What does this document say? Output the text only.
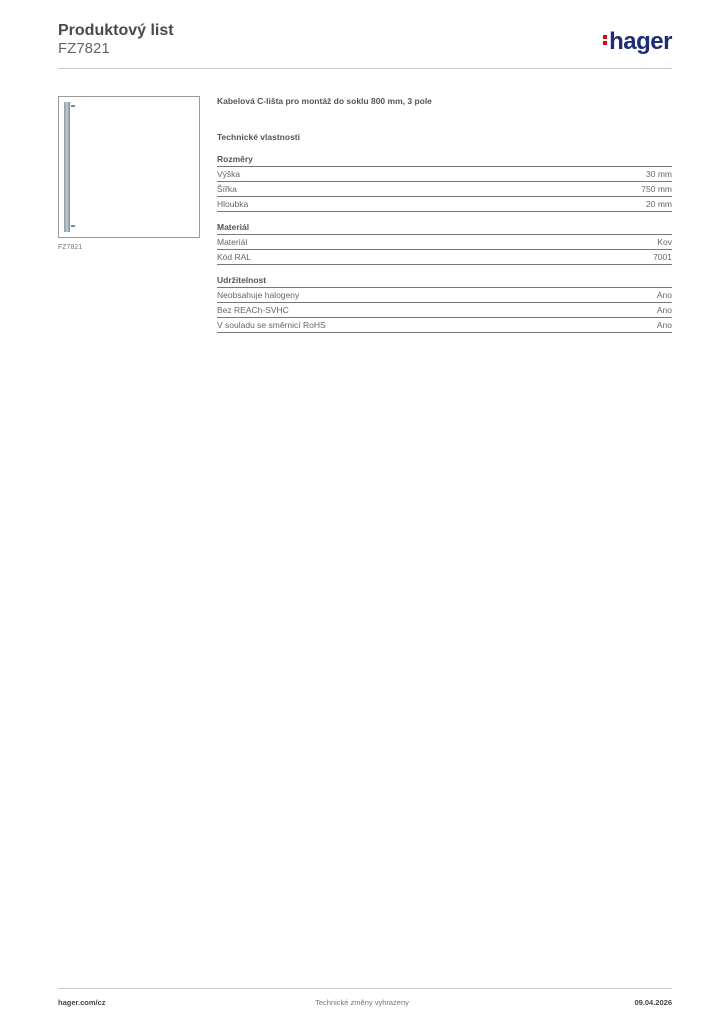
Produktový list
FZ7821	hager
FZ7821
Kabelová C-lišta pro montáž do soklu 800 mm, 3 pole
Technické vlastnosti
Rozměry
Výška	30 mm
Šířka	750 mm
Hloubka	20 mm
Materiál
Materiál	Kov
Kód RAL	7001
Udržitelnost
Neobsahuje halogeny	Ano
Bez REACh-SVHC	Ano
V souladu se směrnicí RoHS	Ano
hager.com/cz	Technické změny vyhrazeny	09.04.2026
